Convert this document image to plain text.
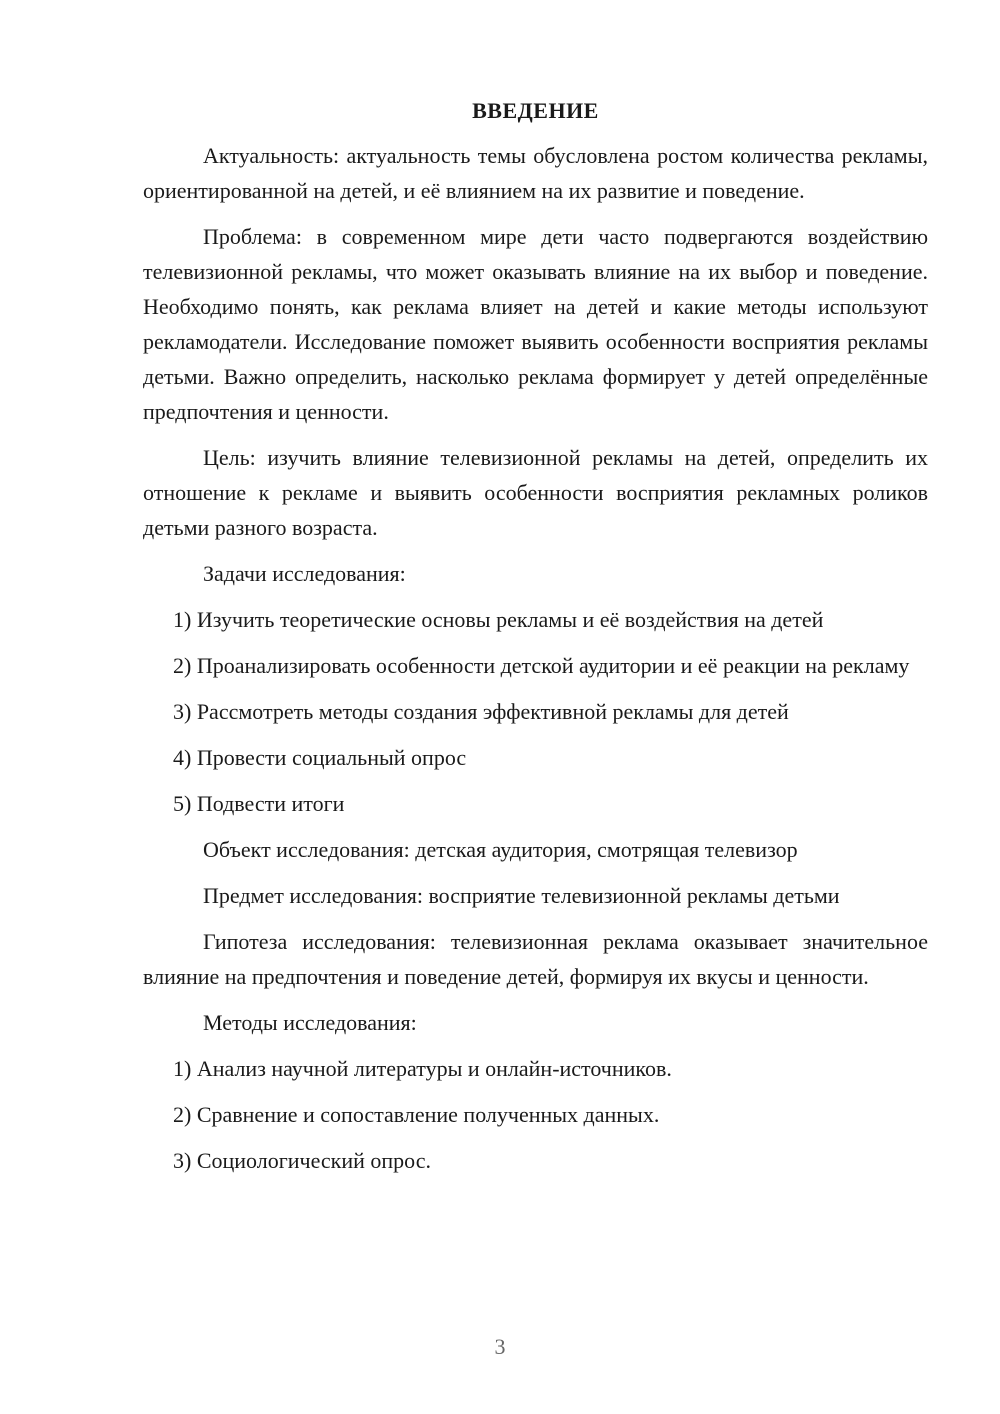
ВВЕДЕНИЕ

Актуальность: актуальность темы обусловлена ростом количества рекламы, ориентированной на детей, и её влиянием на их развитие и поведение.

Проблема: в современном мире дети часто подвергаются воздействию телевизионной рекламы, что может оказывать влияние на их выбор и поведение. Необходимо понять, как реклама влияет на детей и какие методы используют рекламодатели. Исследование поможет выявить особенности восприятия рекламы детьми. Важно определить, насколько реклама формирует у детей определённые предпочтения и ценности.

Цель: изучить влияние телевизионной рекламы на детей, определить их отношение к рекламе и выявить особенности восприятия рекламных роликов детьми разного возраста.

Задачи исследования:

1) Изучить теоретические основы рекламы и её воздействия на детей

2) Проанализировать особенности детской аудитории и её реакции на рекламу

3) Рассмотреть методы создания эффективной рекламы для детей

4) Провести социальный опрос

5) Подвести итоги

Объект исследования: детская аудитория, смотрящая телевизор

Предмет исследования: восприятие телевизионной рекламы детьми

Гипотеза исследования: телевизионная реклама оказывает значительное влияние на предпочтения и поведение детей, формируя их вкусы и ценности.

Методы исследования:

1) Анализ научной литературы и онлайн-источников.

2) Сравнение и сопоставление полученных данных.

3) Социологический опрос.

3
